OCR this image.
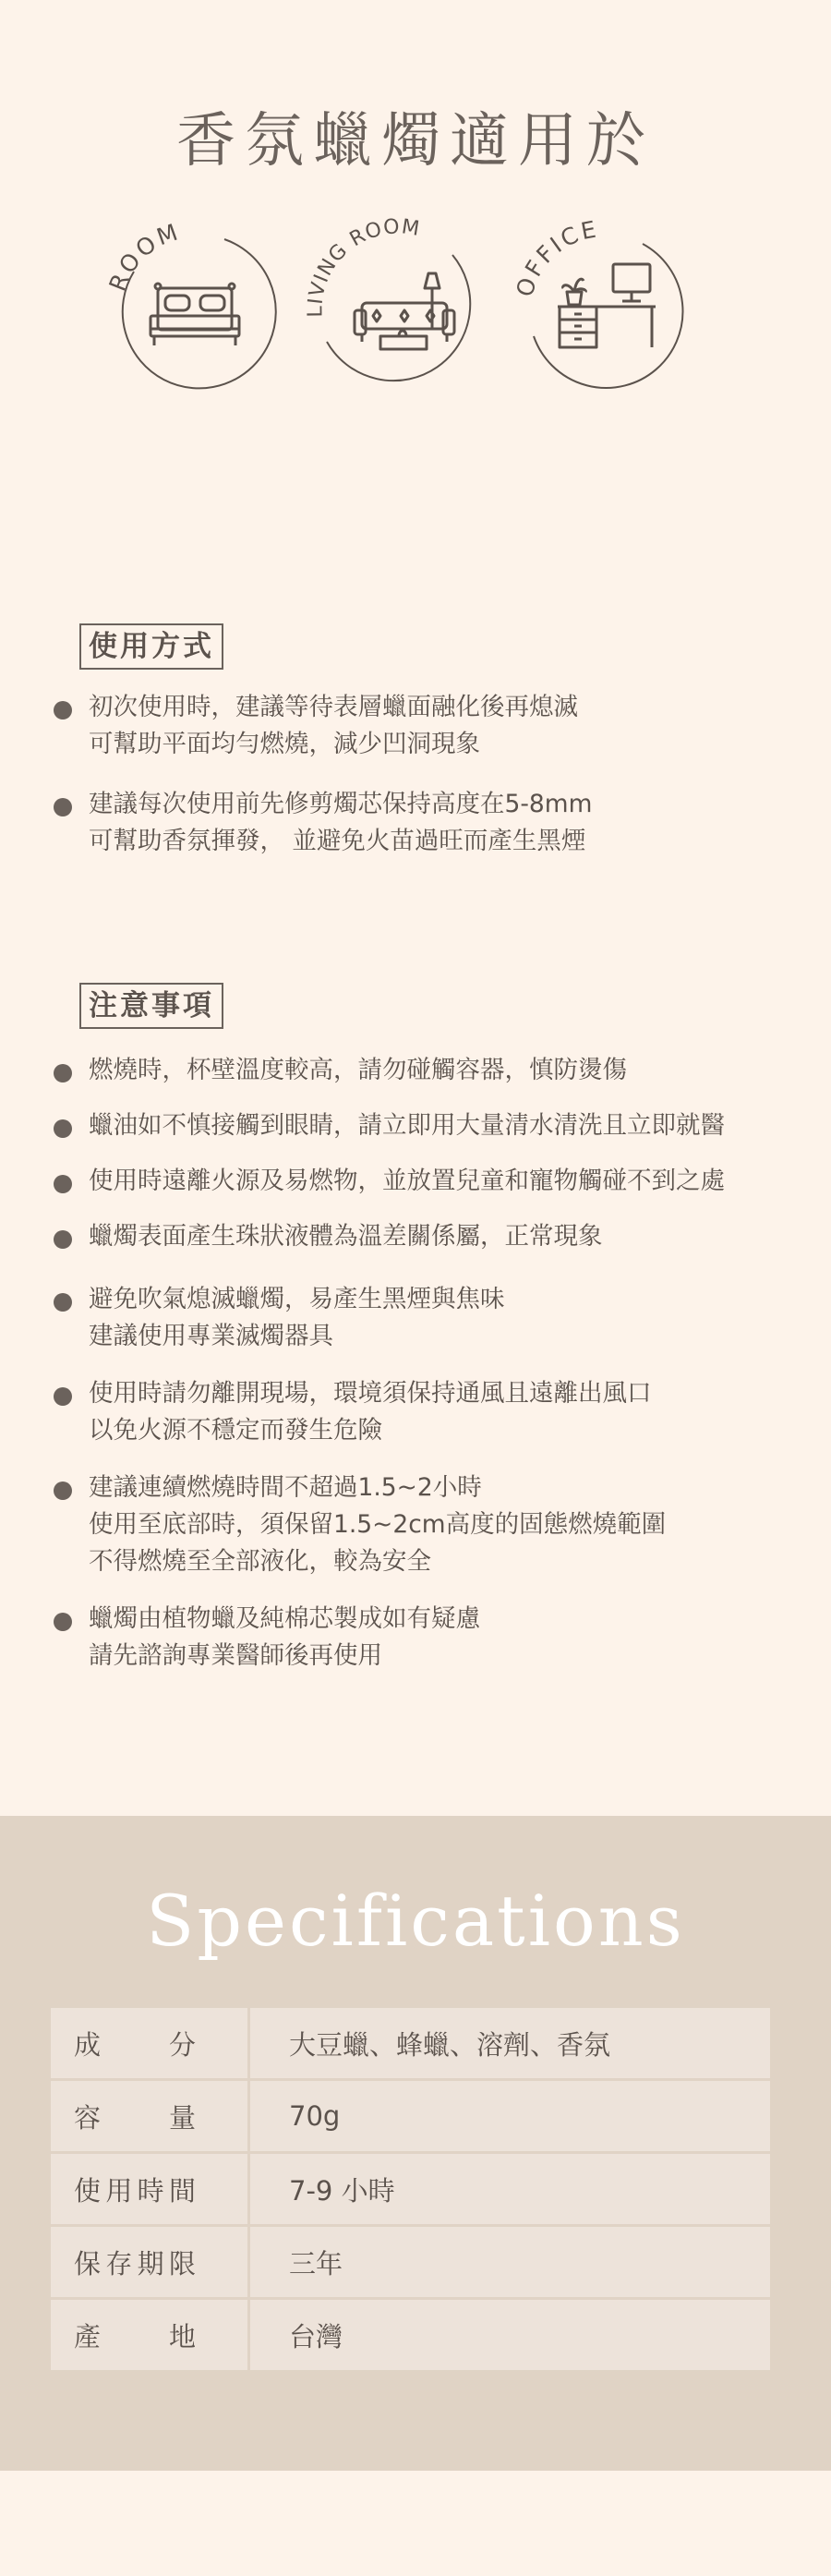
香氛蠟燭適用於
ROOM
LIVING ROOM
OFFICE
使用方式
初次使用時，建議等待表層蠟面融化後再熄滅
可幫助平面均勻燃燒，減少凹洞現象
建議每次使用前先修剪燭芯保持高度在5-8mm
可幫助香氛揮發， 並避免火苗過旺而產生黑煙
注意事項
燃燒時，杯壁溫度較高，請勿碰觸容器，慎防燙傷
蠟油如不慎接觸到眼睛，請立即用大量清水清洗且立即就醫
使用時遠離火源及易燃物，並放置兒童和寵物觸碰不到之處
蠟燭表面產生珠狀液體為溫差關係屬，正常現象
避免吹氣熄滅蠟燭，易產生黑煙與焦味
建議使用專業滅燭器具
使用時請勿離開現場，環境須保持通風且遠離出風口
以免火源不穩定而發生危險
建議連續燃燒時間不超過1.5~2小時
使用至底部時，須保留1.5~2cm高度的固態燃燒範圍
不得燃燒至全部液化，較為安全
蠟燭由植物蠟及純棉芯製成如有疑慮
請先諮詢專業醫師後再使用
Specifications
成分	大豆蠟、蜂蠟、溶劑、香氛

容量	70g

使用時間	7-9 小時

保存期限	三年

產地	台灣
